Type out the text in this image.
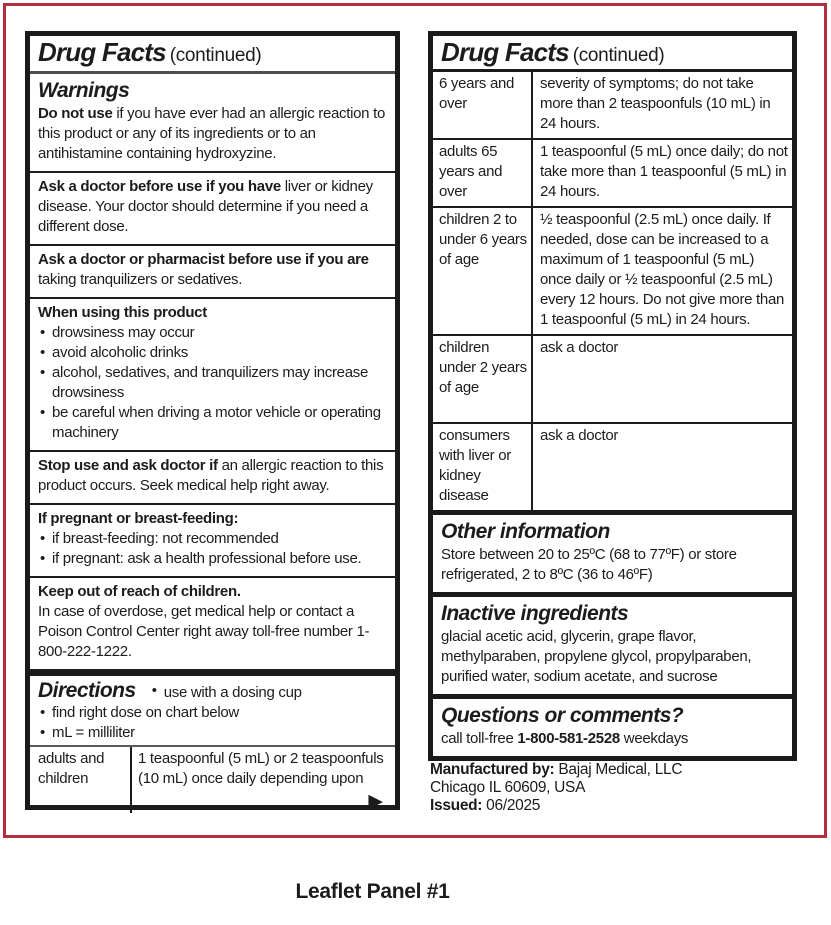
Drug Facts (continued)
Warnings

Do not use if you have ever had an allergic reaction to this product or any of its ingredients or to an antihistamine containing hydroxyzine.

Ask a doctor before use if you have liver or kidney disease. Your doctor should determine if you need a different dose.

Ask a doctor or pharmacist before use if you are taking tranquilizers or sedatives.

When using this product

• drowsiness may occur
• avoid alcoholic drinks
• alcohol, sedatives, and tranquilizers may increase drowsiness
• be careful when driving a motor vehicle or operating machinery

Stop use and ask doctor if an allergic reaction to this product occurs. Seek medical help right away.

If pregnant or breast-feeding:

• if breast-feeding: not recommended
• if pregnant: ask a health professional before use.

Keep out of reach of children.

In case of overdose, get medical help or contact a Poison Control Center right away toll-free number 1-800-222-1222.

Directions • use with a dosing cup
• find right dose on chart below
• mL = milliliter
adults and children
1 teaspoonful (5 mL) or 2 teaspoonfuls (10 mL) once daily depending upon
▶
Drug Facts (continued)
6 years and over
severity of symptoms; do not take more than 2 teaspoonfuls (10 mL) in 24 hours.
adults 65 years and over
1 teaspoonful (5 mL) once daily; do not take more than 1 teaspoonful (5 mL) in 24 hours.
children 2 to under 6 years of age
½ teaspoonful (2.5 mL) once daily. If needed, dose can be increased to a maximum of 1 teaspoonful (5 mL) once daily or ½ teaspoonful (2.5 mL) every 12 hours. Do not give more than 1 teaspoonful (5 mL) in 24 hours.
children under 2 years of age
ask a doctor
consumers with liver or kidney disease
ask a doctor
Other information

Store between 20 to 25ºC (68 to 77ºF) or store refrigerated, 2 to 8ºC (36 to 46ºF)

Inactive ingredients

glacial acetic acid, glycerin, grape flavor, methylparaben, propylene glycol, propylparaben, purified water, sodium acetate, and sucrose

Questions or comments?

call toll-free 1-800-581-2528 weekdays

Manufactured by: Bajaj Medical, LLC

Chicago IL 60609, USA

Issued: 06/2025

Leaflet Panel #1
